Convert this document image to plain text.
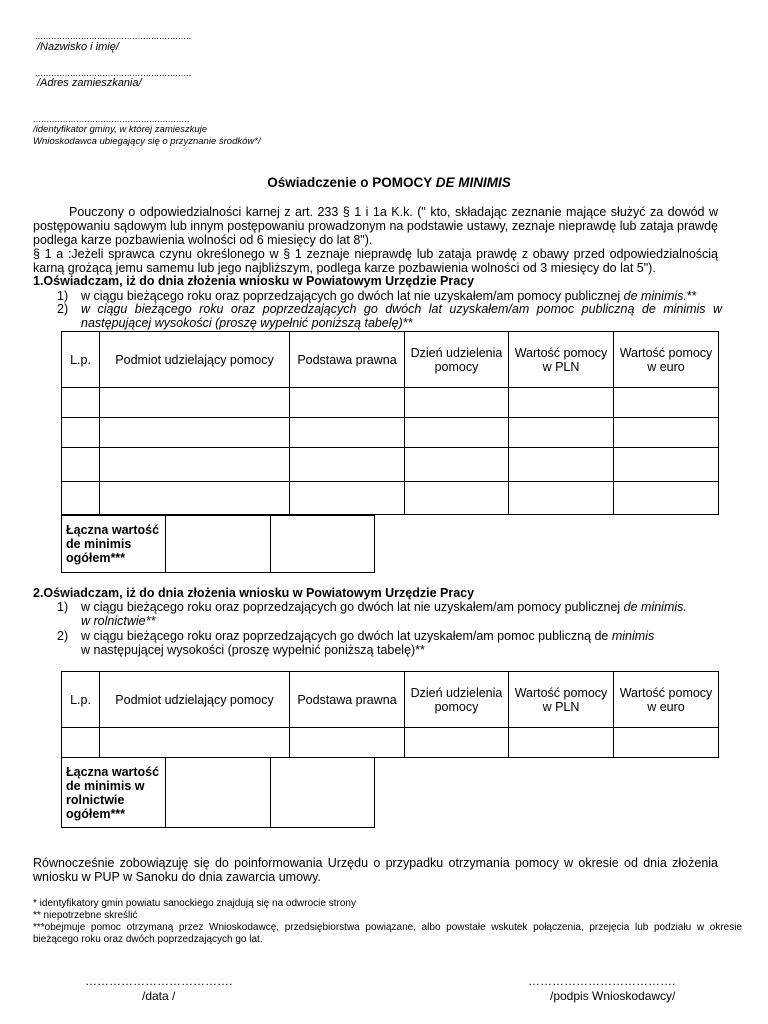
..........................................................
/Nazwisko i imię/
..........................................................
/Adres zamieszkania/
..........................................................
/identyfikator gminy, w której zamieszkuje
Wnioskodawca ubiegający się o przyznanie środków*/
Oświadczenie o POMOCY DE MINIMIS

Pouczony o odpowiedzialności karnej z art. 233 § 1 i 1a K.k. (" kto, składając zeznanie mające służyć za dowód w postępowaniu sądowym lub innym postępowaniu prowadzonym na podstawie ustawy, zeznaje nieprawdę lub zataja prawdę podlega karze pozbawienia wolności od 6 miesięcy do lat 8").

§ 1 a :Jeżeli sprawca czynu określonego w § 1 zeznaje nieprawdę lub zataja prawdę z obawy przed odpowiedzialnością karną grożącą jemu samemu lub jego najbliższym, podlega karze pozbawienia wolności od 3 miesięcy do lat 5").

1.Oświadczam, iż do dnia złożenia wniosku w Powiatowym Urzędzie Pracy
1) w ciągu bieżącego roku oraz poprzedzających go dwóch lat nie uzyskałem/am pomocy publicznej de minimis.**
2) w ciągu bieżącego roku oraz poprzedzających go dwóch lat uzyskałem/am pomoc publiczną de minimis w następującej wysokości (proszę wypełnić poniższą tabelę)**
L.p.	Podmiot udzielający pomocy	Podstawa prawna	Dzień udzielenia pomocy	Wartość pomocy w PLN	Wartość pomocy w euro

Łączna wartość de minimis ogółem***		
2.Oświadczam, iż do dnia złożenia wniosku w Powiatowym Urzędzie Pracy
1) w ciągu bieżącego roku oraz poprzedzających go dwóch lat nie uzyskałem/am pomocy publicznej de minimis.
w rolnictwie**
2) w ciągu bieżącego roku oraz poprzedzających go dwóch lat uzyskałem/am pomoc publiczną de minimis
w następującej wysokości (proszę wypełnić poniższą tabelę)**
L.p.	Podmiot udzielający pomocy	Podstawa prawna	Dzień udzielenia pomocy	Wartość pomocy w PLN	Wartość pomocy w euro

Łączna wartość de minimis w rolnictwie ogółem***		
Równocześnie zobowiązuję się do poinformowania Urzędu o przypadku otrzymania pomocy w okresie od dnia złożenia wniosku w PUP w Sanoku do dnia zawarcia umowy.
* identyfikatory gmin powiatu sanockiego znajdują się na odwrocie strony
** niepotrzebne skreślić
***obejmuje pomoc otrzymaną przez Wnioskodawcę, przedsiębiorstwa powiązane, albo powstałe wskutek połączenia, przejęcia lub podziału w okresie bieżącego roku oraz dwóch poprzedzających go lat.
……………………………….
/data /
……………………………….
/podpis Wnioskodawcy/
